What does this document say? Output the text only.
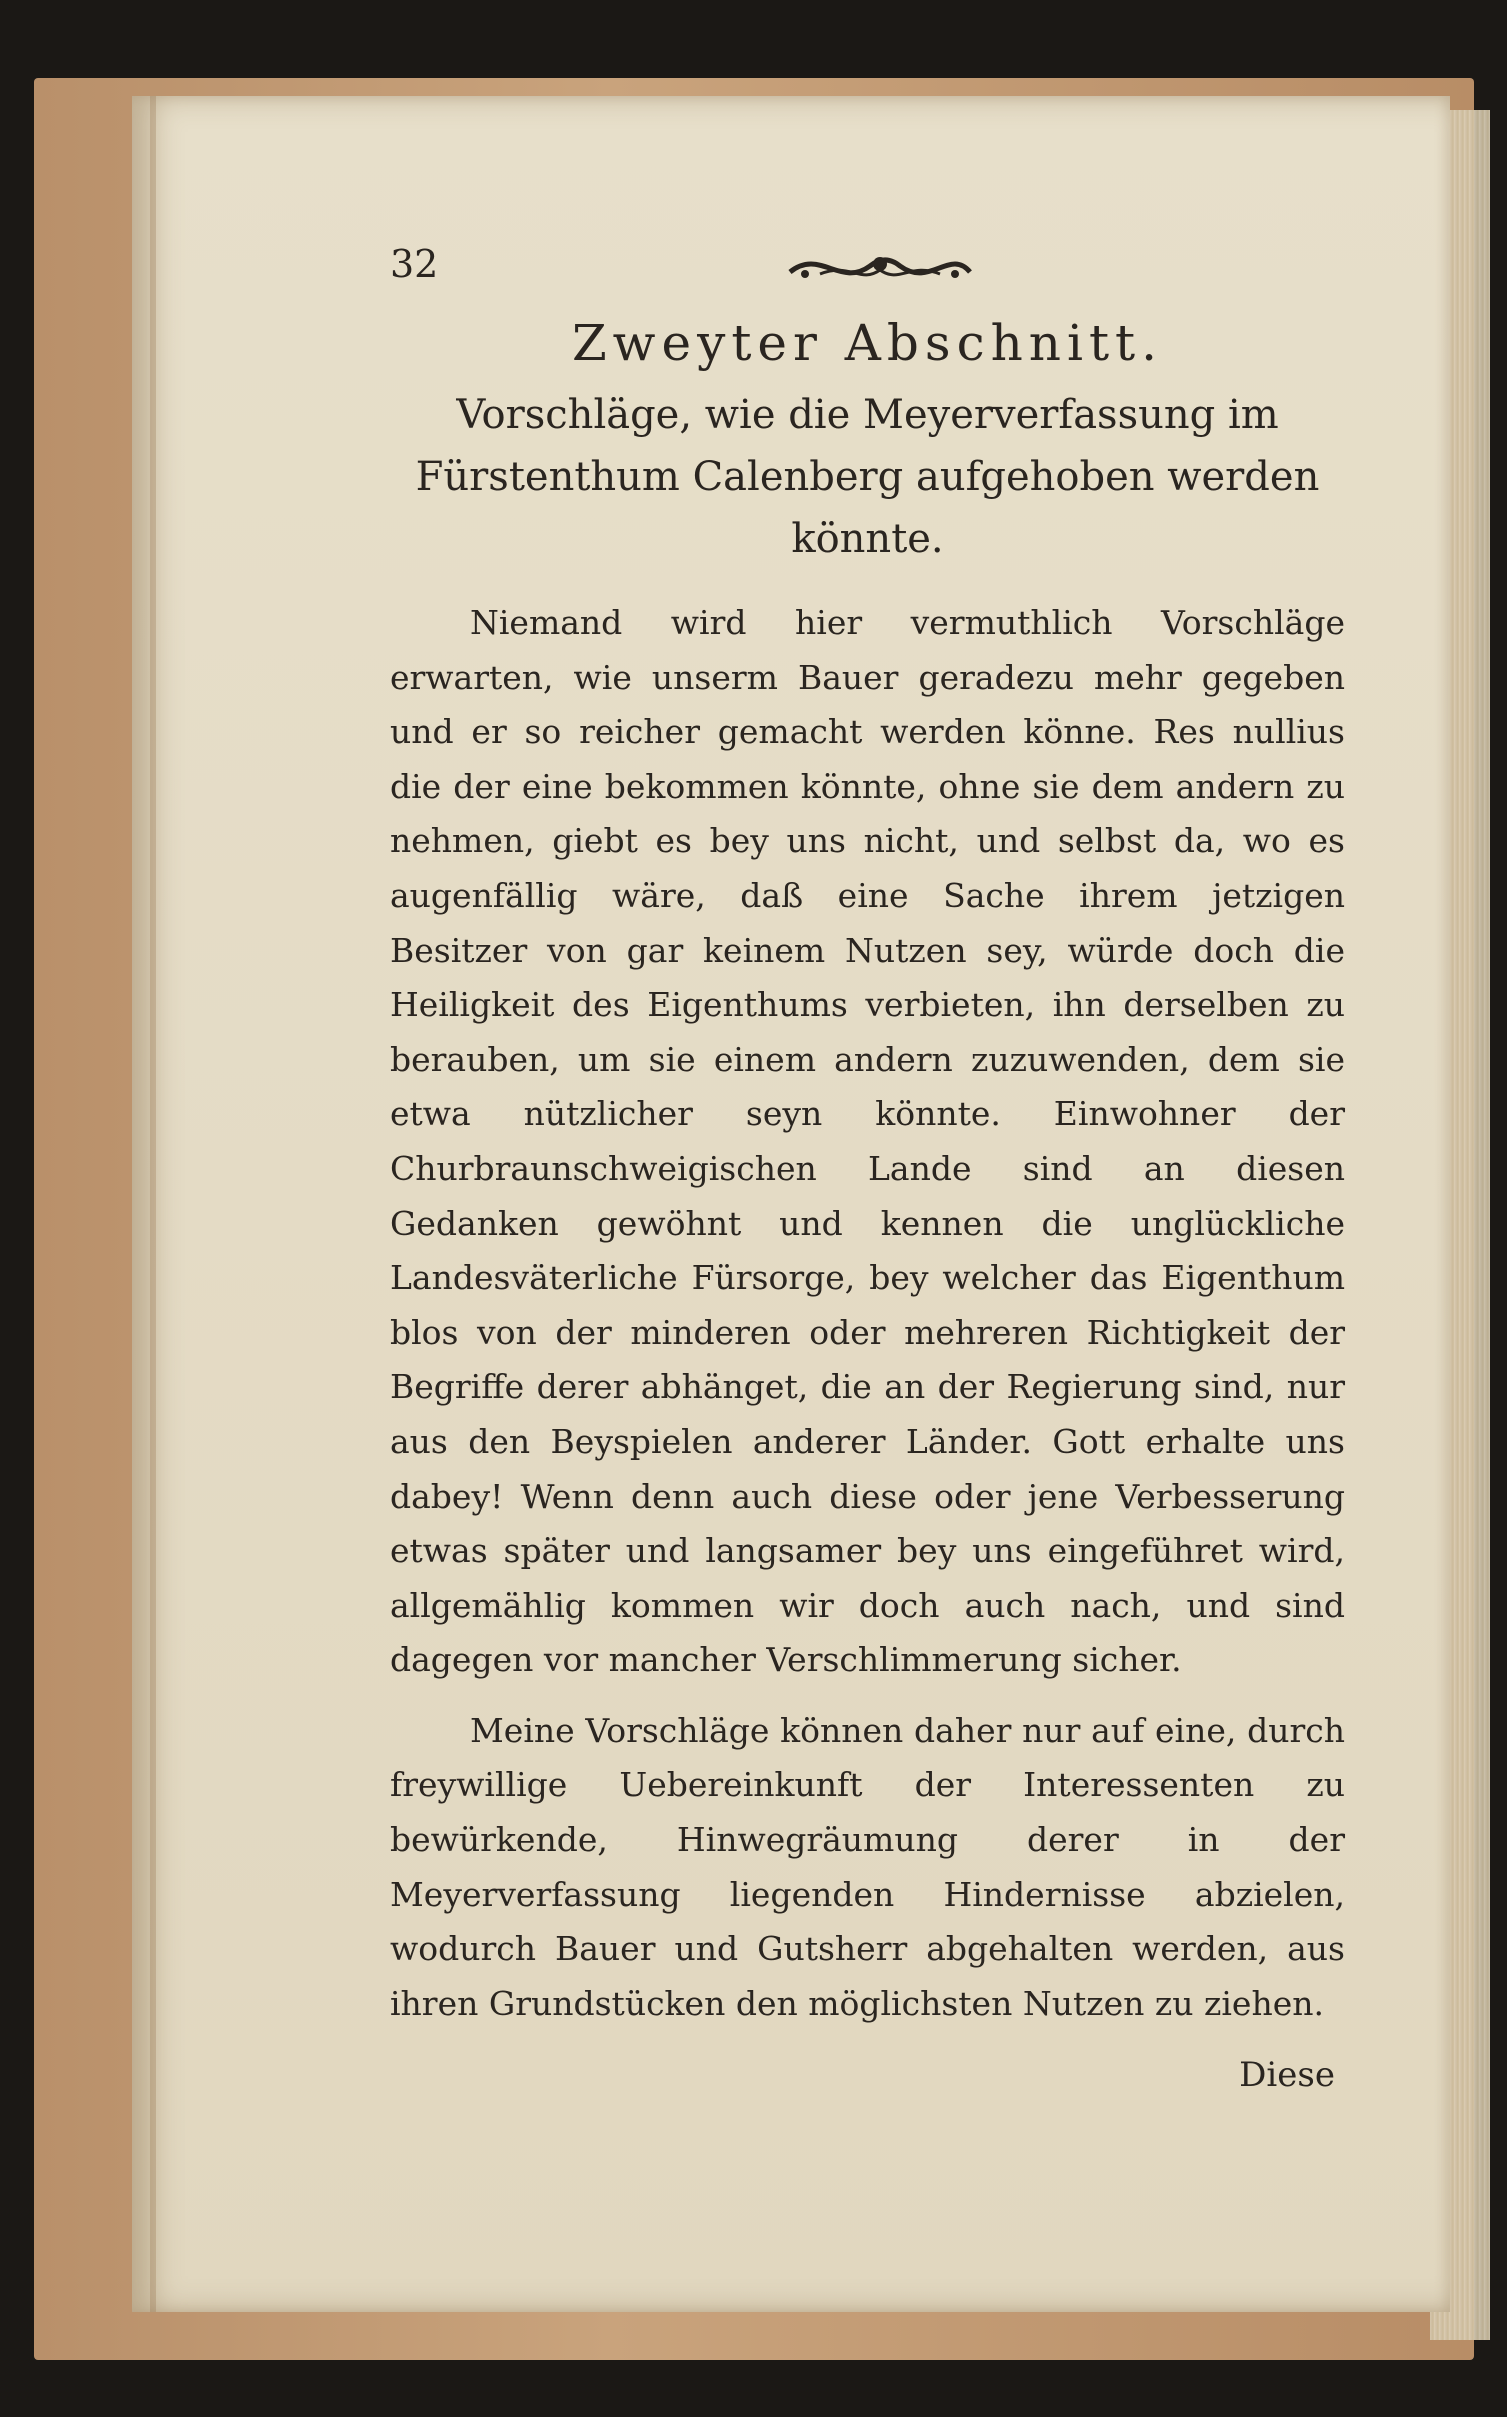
32
Zweyter Abschnitt.
Vorschläge, wie die Meyerverfassung im Fürstenthum Calenberg aufgehoben werden könnte.

Niemand wird hier vermuthlich Vorschläge erwarten, wie unserm Bauer geradezu mehr gegeben und er so reicher gemacht werden könne. Res nullius die der eine bekommen könnte, ohne sie dem andern zu nehmen, giebt es bey uns nicht, und selbst da, wo es augenfällig wäre, daß eine Sache ihrem jetzigen Besitzer von gar keinem Nutzen sey, würde doch die Heiligkeit des Eigenthums verbieten, ihn derselben zu berauben, um sie einem andern zuzuwenden, dem sie etwa nützlicher seyn könnte. Einwohner der Churbraunschweigischen Lande sind an diesen Gedanken gewöhnt und kennen die unglückliche Landesväterliche Fürsorge, bey welcher das Eigenthum blos von der minderen oder mehreren Richtigkeit der Begriffe derer abhänget, die an der Regierung sind, nur aus den Beyspielen anderer Länder. Gott erhalte uns dabey! Wenn denn auch diese oder jene Verbesserung etwas später und langsamer bey uns eingeführet wird, allgemählig kommen wir doch auch nach, und sind dagegen vor mancher Verschlimmerung sicher.

Meine Vorschläge können daher nur auf eine, durch freywillige Uebereinkunft der Interessenten zu bewürkende, Hinwegräumung derer in der Meyerverfassung liegenden Hindernisse abzielen, wodurch Bauer und Gutsherr abgehalten werden, aus ihren Grundstücken den möglichsten Nutzen zu ziehen.

Diese
